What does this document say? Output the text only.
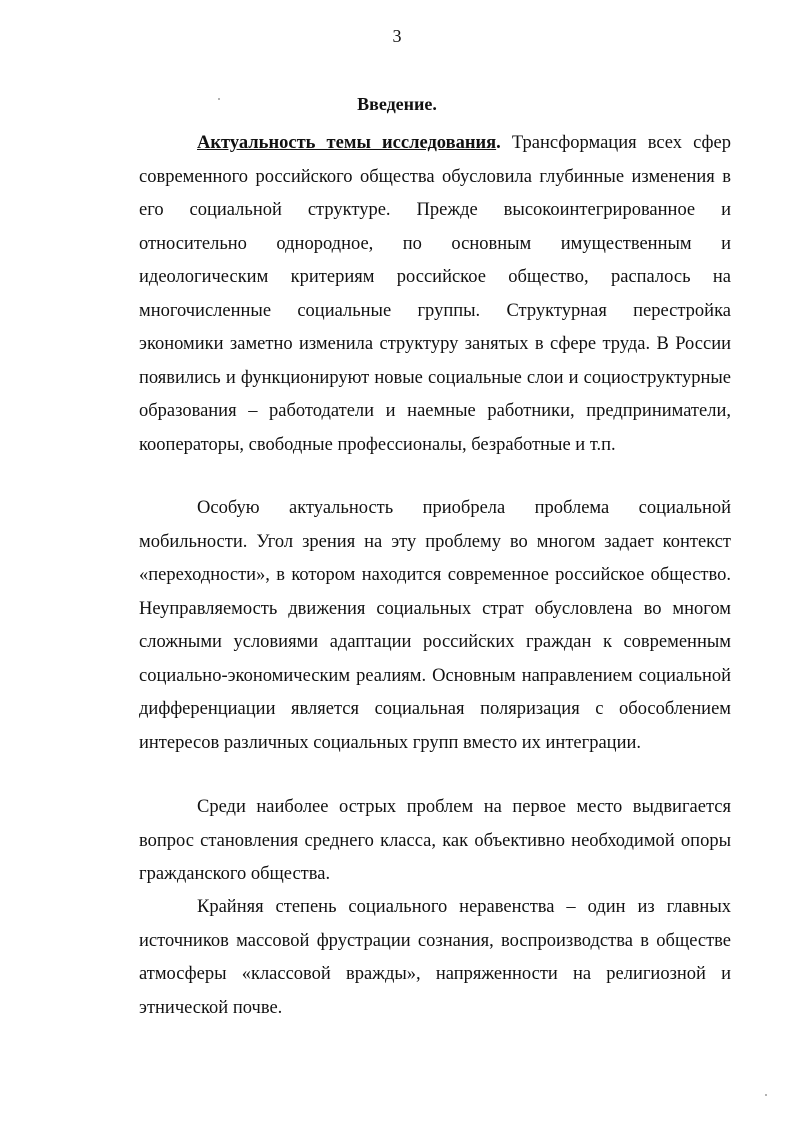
3
Введение.

Актуальность темы исследования. Трансформация всех сфер современного российского общества обусловила глубинные изменения в его социальной структуре. Прежде высокоинтегрированное и относительно однородное, по основным имущественным и идеологическим критериям российское общество, распалось на многочисленные социальные группы. Структурная перестройка экономики заметно изменила структуру занятых в сфере труда. В России появились и функционируют новые социальные слои и социоструктурные образования – работодатели и наемные работники, предприниматели, кооператоры, свободные профессионалы, безработные и т.п.

Особую актуальность приобрела проблема социальной мобильности. Угол зрения на эту проблему во многом задает контекст «переходности», в котором находится современное российское общество. Неуправляемость движения социальных страт обусловлена во многом сложными условиями адаптации российских граждан к современным социально-экономическим реалиям. Основным направлением социальной дифференциации является социальная поляризация с обособлением интересов различных социальных групп вместо их интеграции.

Среди наиболее острых проблем на первое место выдвигается вопрос становления среднего класса, как объективно необходимой опоры гражданского общества.

Крайняя степень социального неравенства – один из главных источников массовой фрустрации сознания, воспроизводства в обществе атмосферы «классовой вражды», напряженности на религиозной и этнической почве.
